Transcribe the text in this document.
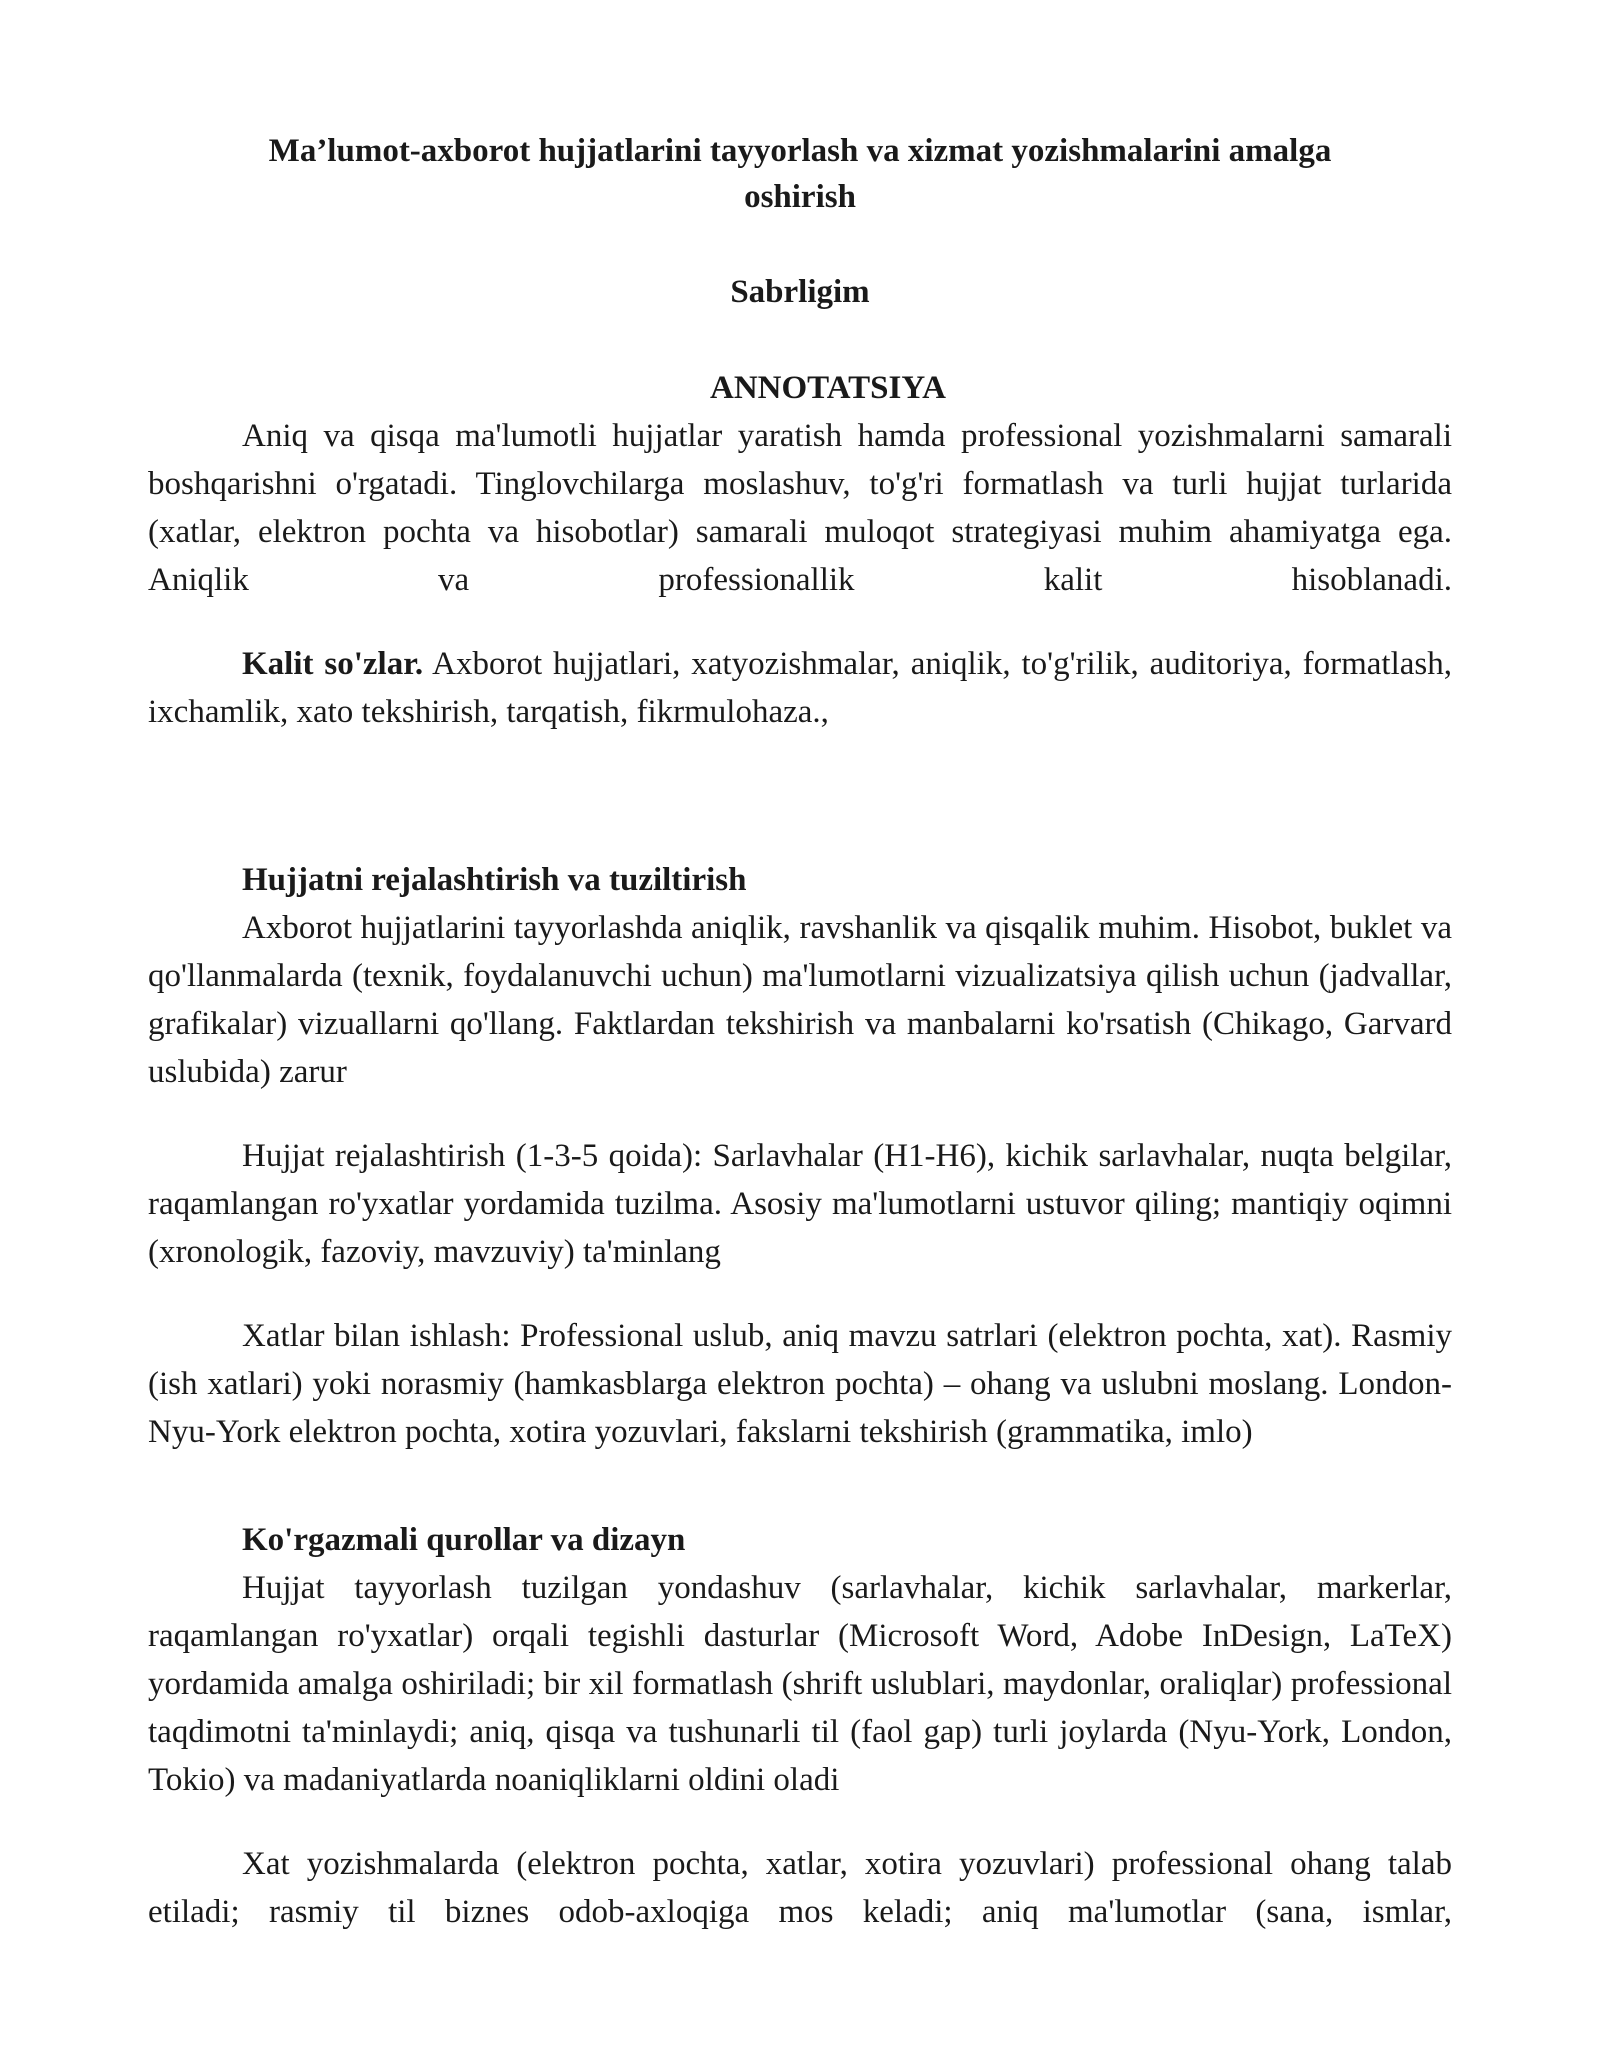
Ma’lumot-axborot hujjatlarini tayyorlash va xizmat yozishmalarini amalga oshirish
Sabrligim
ANNOTATSIYA

Aniq va qisqa ma'lumotli hujjatlar yaratish hamda professional yozishmalarni samarali boshqarishni o'rgatadi. Tinglovchilarga moslashuv, to'g'ri formatlash va turli hujjat turlarida (xatlar, elektron pochta va hisobotlar) samarali muloqot strategiyasi muhim ahamiyatga ega. Aniqlik va professionallik kalit hisoblanadi.

Kalit so'zlar. Axborot hujjatlari, xatyozishmalar, aniqlik, to'g'rilik, auditoriya, formatlash, ixchamlik, xato tekshirish, tarqatish, fikrmulohaza.,

Hujjatni rejalashtirish va tuziltirish

Axborot hujjatlarini tayyorlashda aniqlik, ravshanlik va qisqalik muhim. Hisobot, buklet va qo'llanmalarda (texnik, foydalanuvchi uchun) ma'lumotlarni vizualizatsiya qilish uchun (jadvallar, grafikalar) vizuallarni qo'llang. Faktlardan tekshirish va manbalarni ko'rsatish (Chikago, Garvard uslubida) zarur

Hujjat rejalashtirish (1-3-5 qoida): Sarlavhalar (H1-H6), kichik sarlavhalar, nuqta belgilar, raqamlangan ro'yxatlar yordamida tuzilma. Asosiy ma'lumotlarni ustuvor qiling; mantiqiy oqimni (xronologik, fazoviy, mavzuviy) ta'minlang

Xatlar bilan ishlash: Professional uslub, aniq mavzu satrlari (elektron pochta, xat). Rasmiy (ish xatlari) yoki norasmiy (hamkasblarga elektron pochta) – ohang va uslubni moslang. London-Nyu-York elektron pochta, xotira yozuvlari, fakslarni tekshirish (grammatika, imlo)

Ko'rgazmali qurollar va dizayn

Hujjat tayyorlash tuzilgan yondashuv (sarlavhalar, kichik sarlavhalar, markerlar, raqamlangan ro'yxatlar) orqali tegishli dasturlar (Microsoft Word, Adobe InDesign, LaTeX) yordamida amalga oshiriladi; bir xil formatlash (shrift uslublari, maydonlar, oraliqlar) professional taqdimotni ta'minlaydi; aniq, qisqa va tushunarli til (faol gap) turli joylarda (Nyu-York, London, Tokio) va madaniyatlarda noaniqliklarni oldini oladi

Xat yozishmalarda (elektron pochta, xatlar, xotira yozuvlari) professional ohang talab etiladi; rasmiy til biznes odob-axloqiga mos keladi; aniq ma'lumotlar (sana, ismlar,
